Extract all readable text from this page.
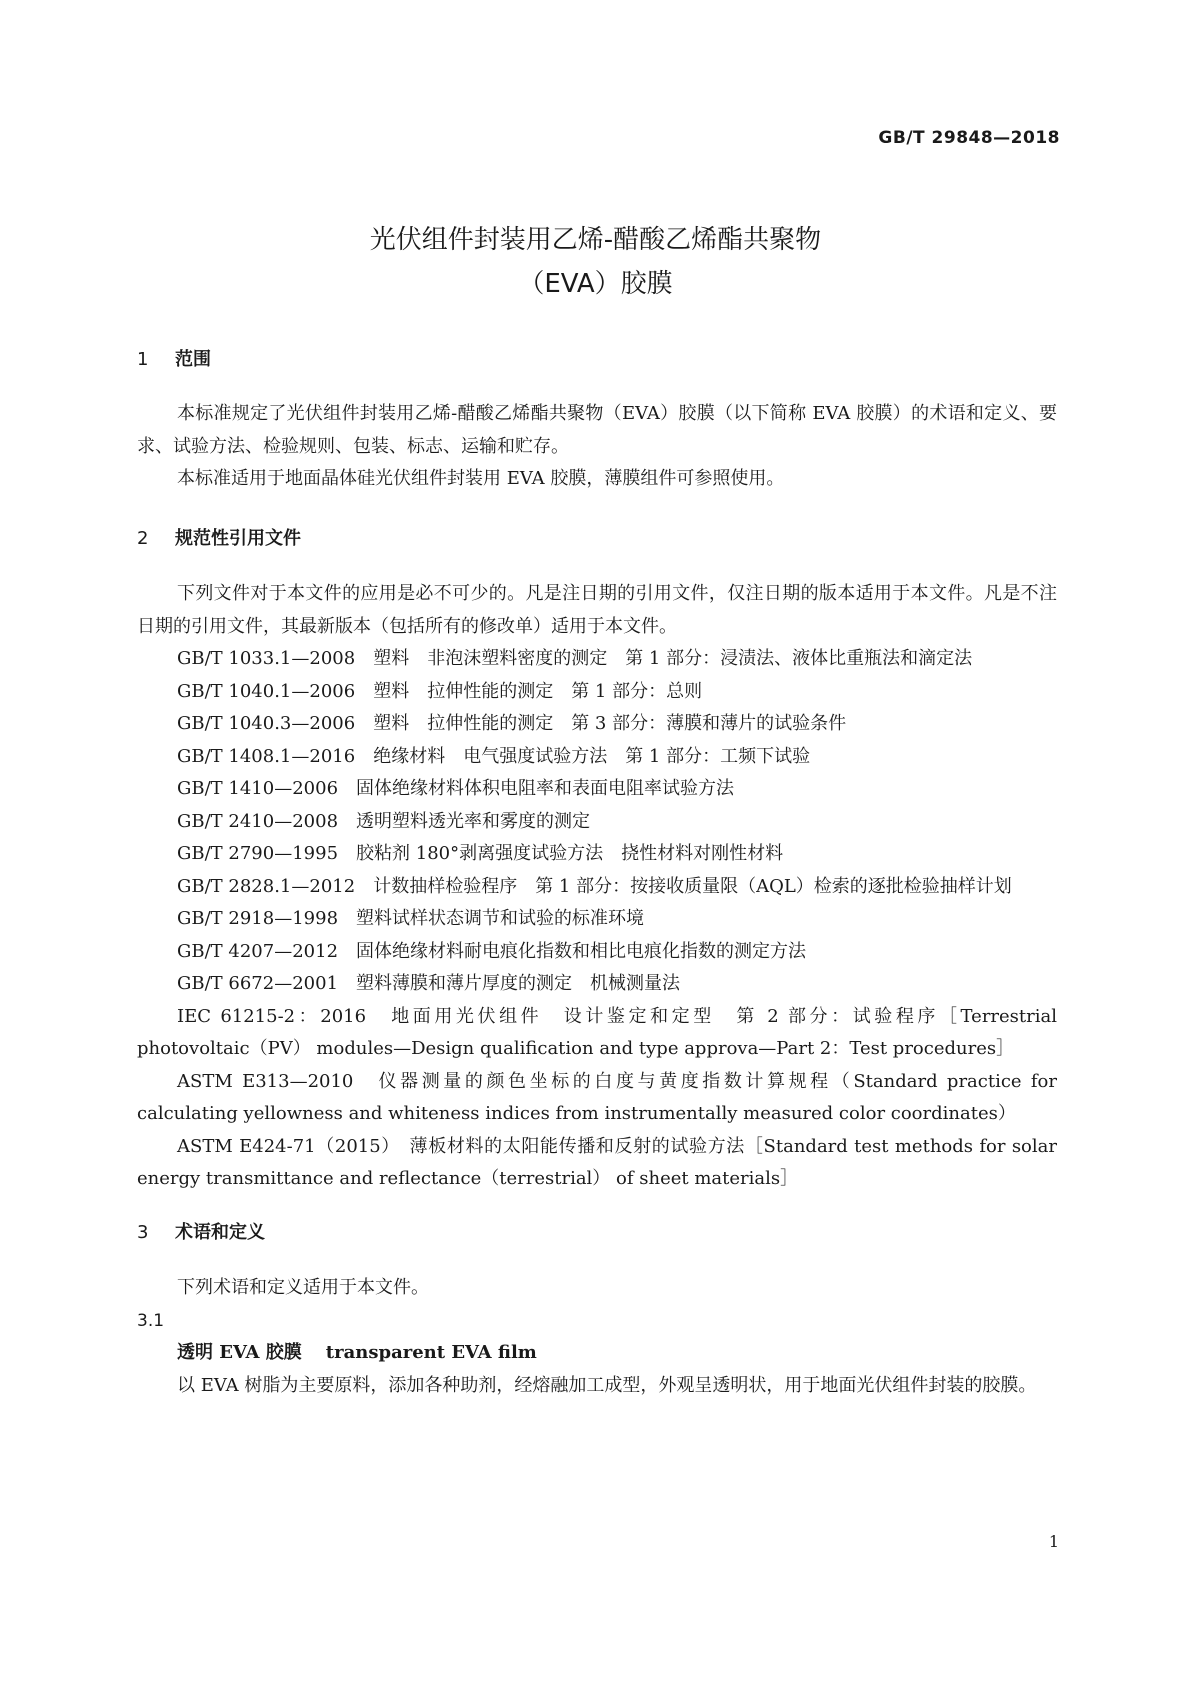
GB/T 29848—2018
光伏组件封装用乙烯-醋酸乙烯酯共聚物
（EVA）胶膜
1 范围

本标准规定了光伏组件封装用乙烯-醋酸乙烯酯共聚物（EVA）胶膜（以下简称 EVA 胶膜）的术语和定义、要求、试验方法、检验规则、包装、标志、运输和贮存。

本标准适用于地面晶体硅光伏组件封装用 EVA 胶膜，薄膜组件可参照使用。

2 规范性引用文件

下列文件对于本文件的应用是必不可少的。凡是注日期的引用文件，仅注日期的版本适用于本文件。凡是不注日期的引用文件，其最新版本（包括所有的修改单）适用于本文件。

GB/T 1033.1—2008　塑料　非泡沫塑料密度的测定　第 1 部分：浸渍法、液体比重瓶法和滴定法

GB/T 1040.1—2006　塑料　拉伸性能的测定　第 1 部分：总则

GB/T 1040.3—2006　塑料　拉伸性能的测定　第 3 部分：薄膜和薄片的试验条件

GB/T 1408.1—2016　绝缘材料　电气强度试验方法　第 1 部分：工频下试验

GB/T 1410—2006　固体绝缘材料体积电阻率和表面电阻率试验方法

GB/T 2410—2008　透明塑料透光率和雾度的测定

GB/T 2790—1995　胶粘剂 180°剥离强度试验方法　挠性材料对刚性材料

GB/T 2828.1—2012　计数抽样检验程序　第 1 部分：按接收质量限（AQL）检索的逐批检验抽样计划

GB/T 2918—1998　塑料试样状态调节和试验的标准环境

GB/T 4207—2012　固体绝缘材料耐电痕化指数和相比电痕化指数的测定方法

GB/T 6672—2001　塑料薄膜和薄片厚度的测定　机械测量法

IEC 61215-2：2016　地面用光伏组件　设计鉴定和定型　第 2 部分：试验程序［Terrestrial photovoltaic（PV） modules—Design qualification and type approva—Part 2：Test procedures］

ASTM E313—2010　仪器测量的颜色坐标的白度与黄度指数计算规程（Standard practice for calculating yellowness and whiteness indices from instrumentally measured color coordinates）

ASTM E424-71（2015）　薄板材料的太阳能传播和反射的试验方法［Standard test methods for solar energy transmittance and reflectance（terrestrial） of sheet materials］

3 术语和定义

下列术语和定义适用于本文件。

3.1

透明 EVA 胶膜 transparent EVA film

以 EVA 树脂为主要原料，添加各种助剂，经熔融加工成型，外观呈透明状，用于地面光伏组件封装的胶膜。

1
